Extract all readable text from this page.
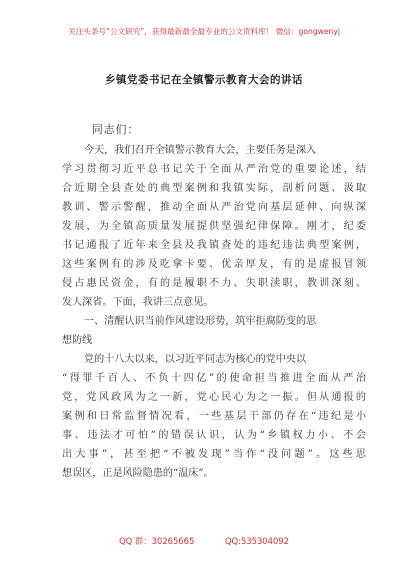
关注头条号“公文研究”，获得最新最全最专业的公文资料库！ 微信：gongwenyj
乡镇党委书记在全镇警示教育大会的讲话
同志们：
今天，我们召开全镇警示教育大会，主要任务是深入
学习贯彻习近平总书记关于全面从严治党的重要论述，结
合近期全县查处的典型案例和我镇实际，剖析问题、汲取
教训、警示警醒，推动全面从严治党向基层延伸、向纵深
发展，为全镇高质量发展提供坚强纪律保障。刚才，纪委
书记通报了近年来全县及我镇查处的违纪违法典型案例，
这些案例有的涉及吃拿卡要、优亲厚友，有的是虚报冒领
侵占惠民资金，有的是履职不力、失职渎职，教训深刻、
发人深省。下面，我讲三点意见。
一、清醒认识当前作风建设形势，筑牢拒腐防变的思
想防线
党的十八大以来，以习近平同志为核心的党中央以
“得罪千百人、不负十四亿”的使命担当推进全面从严治
党，党风政风为之一新，党心民心为之一振。但从通报的
案例和日常监督情况看，一些基层干部仍存在“违纪是小
事、违法才可怕”的错误认识，认为“乡镇权力小、不会
出大事”，甚至把“不被发现”当作“没问题”。这些思
想误区，正是风险隐患的“温床”。
QQ 群：30265665	QQ:535304092
